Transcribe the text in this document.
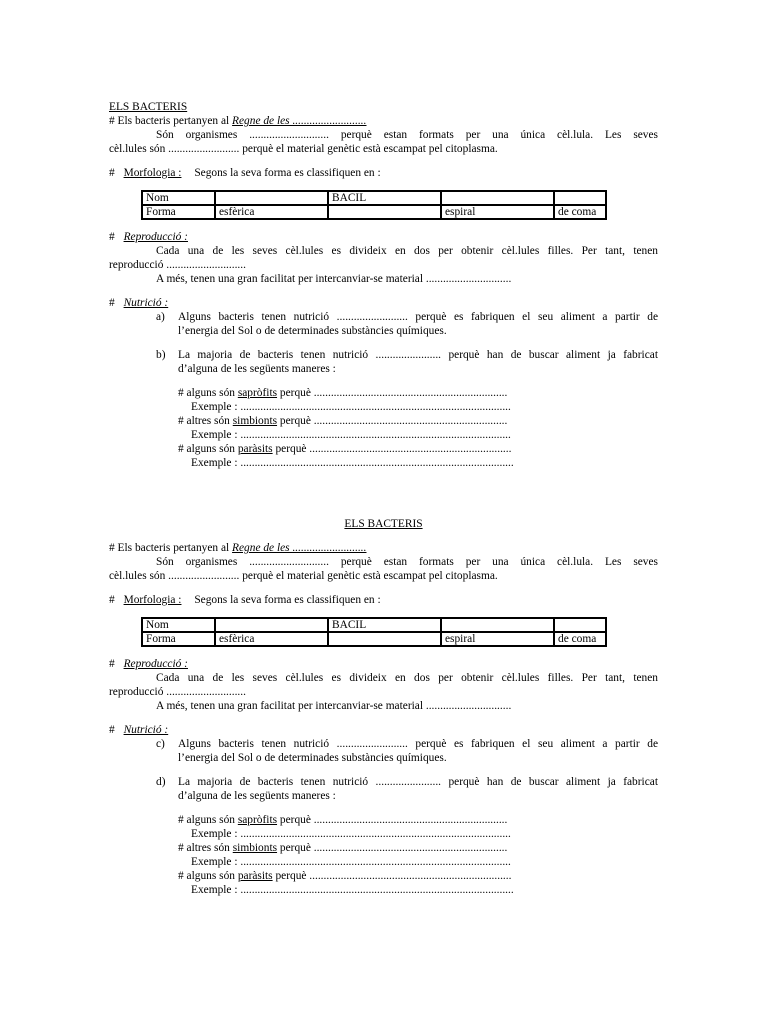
ELS BACTERIS
# Els bacteris pertanyen al Regne de les ..........................
Són organismes ............................ perquè estan formats per una única cèl.lula. Les seves
cèl.lules són ......................... perquè el material genètic està escampat pel citoplasma.
# Morfologia : Segons la seva forma es classifiquen en :
Nom		BACIL		
Forma	esfèrica		espiral	de coma
# Reproducció :
Cada una de les seves cèl.lules es divideix en dos per obtenir cèl.lules filles. Per tant, tenen
reproducció ............................
A més, tenen una gran facilitat per intercanviar-se material ..............................
# Nutrició :
a) Alguns bacteris tenen nutrició ......................... perquè es fabriquen el seu aliment a partir de
l’energia del Sol o de determinades substàncies químiques.
b) La majoria de bacteris tenen nutrició ....................... perquè han de buscar aliment ja fabricat
d’alguna de les següents maneres :
# alguns són sapròfits perquè ....................................................................
Exemple : ...............................................................................................
# altres són simbionts perquè ....................................................................
Exemple : ...............................................................................................
# alguns són paràsits perquè .......................................................................
Exemple : ................................................................................................
ELS BACTERIS
# Els bacteris pertanyen al Regne de les ..........................
Són organismes ............................ perquè estan formats per una única cèl.lula. Les seves
cèl.lules són ......................... perquè el material genètic està escampat pel citoplasma.
# Morfologia : Segons la seva forma es classifiquen en :
Nom		BACIL		
Forma	esfèrica		espiral	de coma
# Reproducció :
Cada una de les seves cèl.lules es divideix en dos per obtenir cèl.lules filles. Per tant, tenen
reproducció ............................
A més, tenen una gran facilitat per intercanviar-se material ..............................
# Nutrició :
c) Alguns bacteris tenen nutrició ......................... perquè es fabriquen el seu aliment a partir de
l’energia del Sol o de determinades substàncies químiques.
d) La majoria de bacteris tenen nutrició ....................... perquè han de buscar aliment ja fabricat
d’alguna de les següents maneres :
# alguns són sapròfits perquè ....................................................................
Exemple : ...............................................................................................
# altres són simbionts perquè ....................................................................
Exemple : ...............................................................................................
# alguns són paràsits perquè .......................................................................
Exemple : ................................................................................................
